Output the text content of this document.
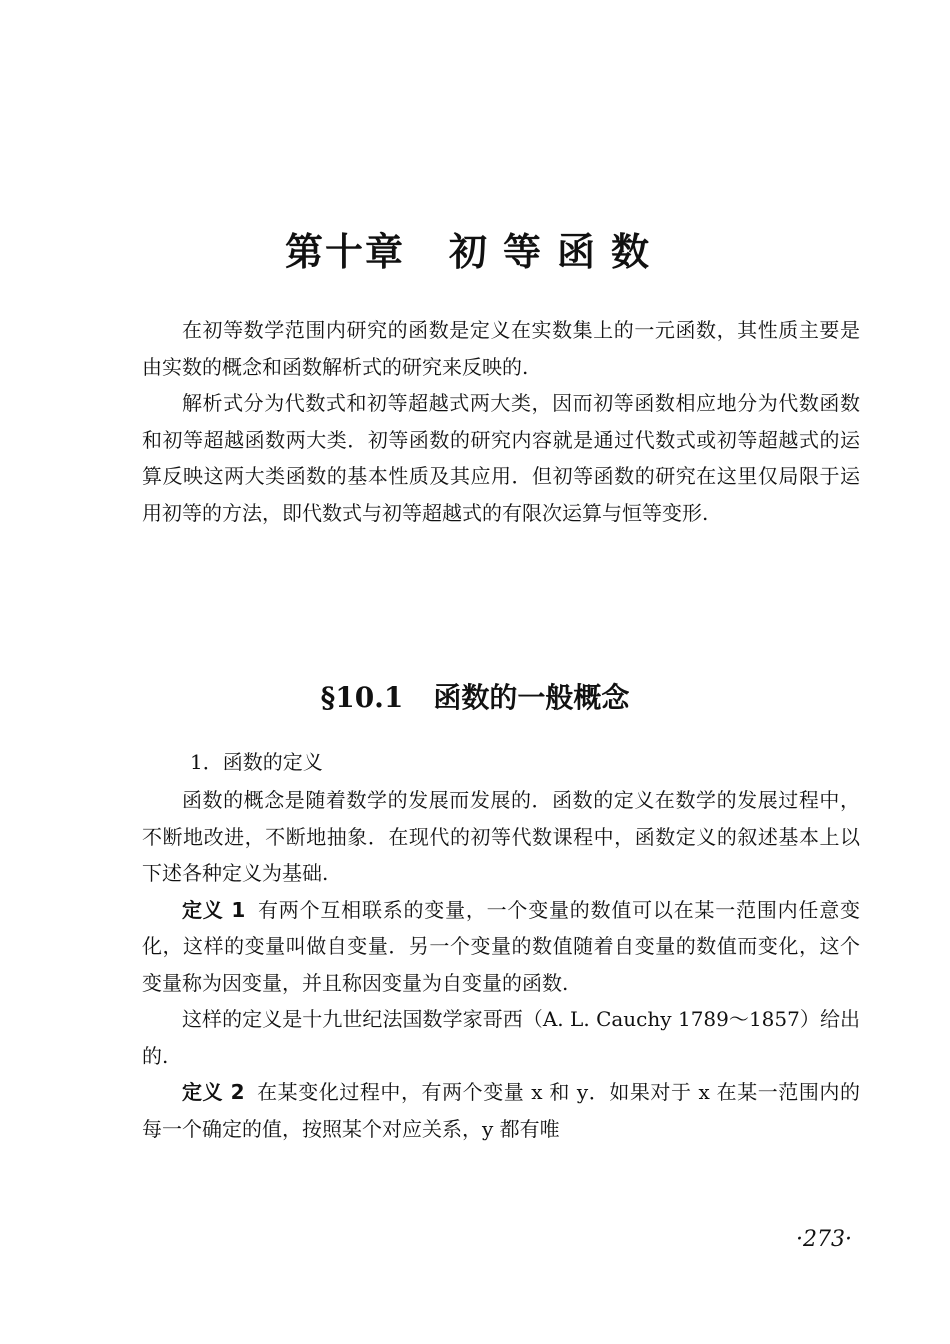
第十章 初等函数

在初等数学范围内研究的函数是定义在实数集上的一元函数，其性质主要是由实数的概念和函数解析式的研究来反映的.

解析式分为代数式和初等超越式两大类，因而初等函数相应地分为代数函数和初等超越函数两大类．初等函数的研究内容就是通过代数式或初等超越式的运算反映这两大类函数的基本性质及其应用．但初等函数的研究在这里仅局限于运用初等的方法，即代数式与初等超越式的有限次运算与恒等变形.

§10.1 函数的一般概念
1．函数的定义

函数的概念是随着数学的发展而发展的．函数的定义在数学的发展过程中，不断地改进，不断地抽象．在现代的初等代数课程中，函数定义的叙述基本上以下述各种定义为基础.

定义 1 有两个互相联系的变量，一个变量的数值可以在某一范围内任意变化，这样的变量叫做自变量．另一个变量的数值随着自变量的数值而变化，这个变量称为因变量，并且称因变量为自变量的函数.

这样的定义是十九世纪法国数学家哥西（A. L. Cauchy 1789～1857）给出的.

定义 2 在某变化过程中，有两个变量 x 和 y．如果对于 x 在某一范围内的每一个确定的值，按照某个对应关系，y 都有唯

·273·
